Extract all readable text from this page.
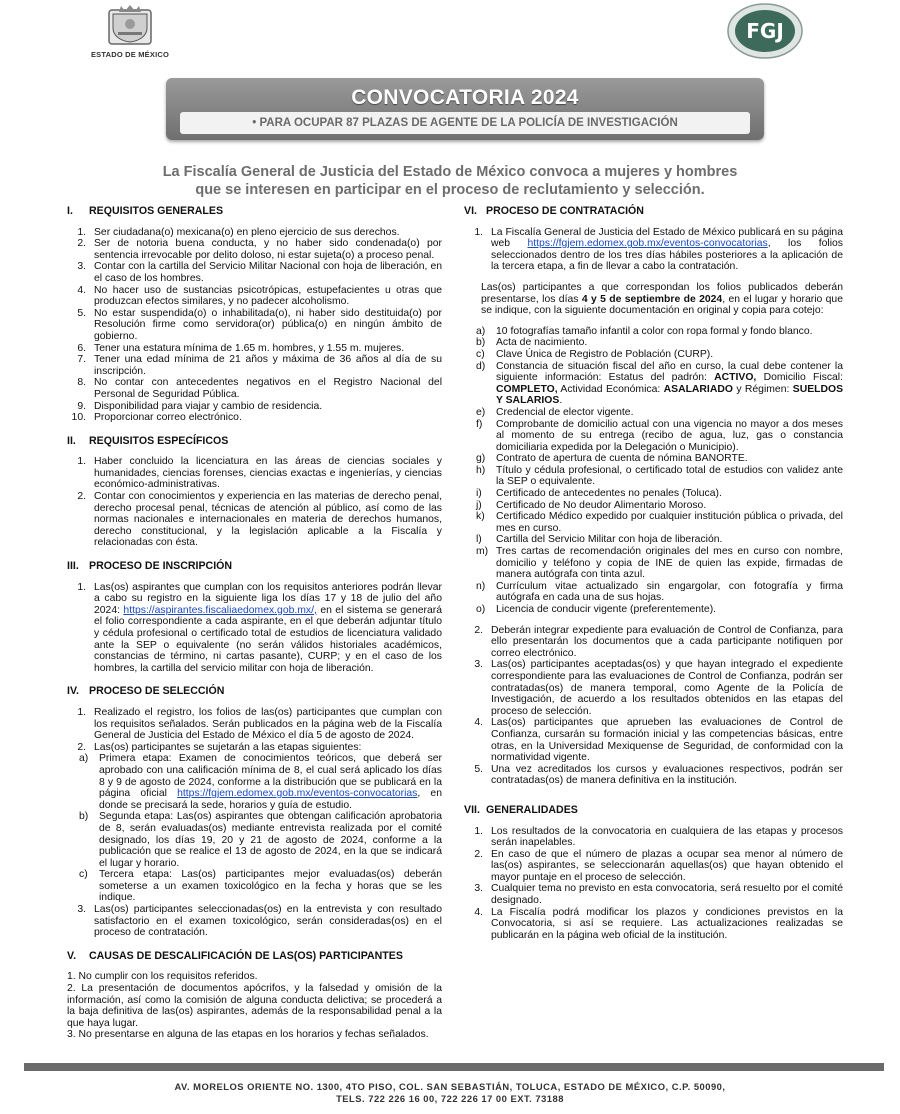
ESTADO DE MÉXICO
FGJ
CONVOCATORIA 2024
• PARA OCUPAR 87 PLAZAS DE AGENTE DE LA POLICÍA DE INVESTIGACIÓN
La Fiscalía General de Justicia del Estado de México convoca a mujeres y hombres
que se interesen en participar en el proceso de reclutamiento y selección.
I.	REQUISITOS GENERALES
1. Ser ciudadana(o) mexicana(o) en pleno ejercicio de sus derechos.
2. Ser de notoria buena conducta, y no haber sido condenada(o) por sentencia irrevocable por delito doloso, ni estar sujeta(o) a proceso penal.
3. Contar con la cartilla del Servicio Militar Nacional con hoja de liberación, en el caso de los hombres.
4. No hacer uso de sustancias psicotrópicas, estupefacientes u otras que produzcan efectos similares, y no padecer alcoholismo.
5. No estar suspendida(o) o inhabilitada(o), ni haber sido destituida(o) por Resolución firme como servidora(or) pública(o) en ningún ámbito de gobierno.
6. Tener una estatura mínima de 1.65 m. hombres, y 1.55 m. mujeres.
7. Tener una edad mínima de 21 años y máxima de 36 años al día de su inscripción.
8. No contar con antecedentes negativos en el Registro Nacional del Personal de Seguridad Pública.
9. Disponibilidad para viajar y cambio de residencia.
10. Proporcionar correo electrónico.
II.	REQUISITOS ESPECÍFICOS
1. Haber concluido la licenciatura en las áreas de ciencias sociales y humanidades, ciencias forenses, ciencias exactas e ingenierías, y ciencias económico-administrativas.
2. Contar con conocimientos y experiencia en las materias de derecho penal, derecho procesal penal, técnicas de atención al público, así como de las normas nacionales e internacionales en materia de derechos humanos, derecho constitucional, y la legislación aplicable a la Fiscalía y relacionadas con ésta.
III. PROCESO DE INSCRIPCIÓN
1. Las(os) aspirantes que cumplan con los requisitos anteriores podrán llevar a cabo su registro en la siguiente liga los días 17 y 18 de julio del año 2024: https://aspirantes.fiscaliaedomex.gob.mx/, en el sistema se generará el folio correspondiente a cada aspirante, en el que deberán adjuntar título y cédula profesional o certificado total de estudios de licenciatura validado ante la SEP o equivalente (no serán válidos historiales académicos, constancias de término, ni cartas pasante), CURP; y en el caso de los hombres, la cartilla del servicio militar con hoja de liberación.
IV. PROCESO DE SELECCIÓN
1. Realizado el registro, los folios de las(os) participantes que cumplan con los requisitos señalados. Serán publicados en la página web de la Fiscalía General de Justicia del Estado de México el día 5 de agosto de 2024.
2. Las(os) participantes se sujetarán a las etapas siguientes:
a)	Primera etapa: Examen de conocimientos teóricos, que deberá ser aprobado con una calificación mínima de 8, el cual será aplicado los días 8 y 9 de agosto de 2024, conforme a la distribución que se publicará en la página oficial https://fgjem.edomex.gob.mx/eventos-convocatorias, en donde se precisará la sede, horarios y guía de estudio.
b)	Segunda etapa: Las(os) aspirantes que obtengan calificación aprobatoria de 8, serán evaluadas(os) mediante entrevista realizada por el comité designado, los días 19, 20 y 21 de agosto de 2024, conforme a la publicación que se realice el 13 de agosto de 2024, en la que se indicará el lugar y horario.
c)	Tercera etapa: Las(os) participantes mejor evaluadas(os) deberán someterse a un examen toxicológico en la fecha y horas que se les indique.
3. Las(os) participantes seleccionadas(os) en la entrevista y con resultado satisfactorio en el examen toxicológico, serán consideradas(os) en el proceso de contratación.
V.	CAUSAS DE DESCALIFICACIÓN DE LAS(OS) PARTICIPANTES
1. No cumplir con los requisitos referidos.
2. La presentación de documentos apócrifos, y la falsedad y omisión de la información, así como la comisión de alguna conducta delictiva; se procederá a la baja definitiva de las(os) aspirantes, además de la responsabilidad penal a la que haya lugar.
3. No presentarse en alguna de las etapas en los horarios y fechas señalados.
VI. PROCESO DE CONTRATACIÓN
1. La Fiscalía General de Justicia del Estado de México publicará en su página web https://fgjem.edomex.gob.mx/eventos-convocatorias, los folios seleccionados dentro de los tres días hábiles posteriores a la aplicación de la tercera etapa, a fin de llevar a cabo la contratación.

Las(os) participantes a que correspondan los folios publicados deberán presentarse, los días 4 y 5 de septiembre de 2024, en el lugar y horario que se indique, con la siguiente documentación en original y copia para cotejo:

a)	10 fotografías tamaño infantil a color con ropa formal y fondo blanco.
b)	Acta de nacimiento.
c)	Clave Única de Registro de Población (CURP).
d)	Constancia de situación fiscal del año en curso, la cual debe contener la siguiente información: Estatus del padrón: ACTIVO, Domicilio Fiscal: COMPLETO, Actividad Económica: ASALARIADO y Régimen: SUELDOS Y SALARIOS.
e)	Credencial de elector vigente.
f)	Comprobante de domicilio actual con una vigencia no mayor a dos meses al momento de su entrega (recibo de agua, luz, gas o constancia domiciliaria expedida por la Delegación o Municipio).
g)	Contrato de apertura de cuenta de nómina BANORTE.
h)	Título y cédula profesional, o certificado total de estudios con validez ante la SEP o equivalente.
i)	Certificado de antecedentes no penales (Toluca).
j)	Certificado de No deudor Alimentario Moroso.
k)	Certificado Médico expedido por cualquier institución pública o privada, del mes en curso.
l)	Cartilla del Servicio Militar con hoja de liberación.
m) Tres cartas de recomendación originales del mes en curso con nombre, domicilio y teléfono y copia de INE de quien las expide, firmadas de manera autógrafa con tinta azul.
n)	Currículum vitae actualizado sin engargolar, con fotografía y firma autógrafa en cada una de sus hojas.
o)	Licencia de conducir vigente (preferentemente).
2. Deberán integrar expediente para evaluación de Control de Confianza, para ello presentarán los documentos que a cada participante notifiquen por correo electrónico.
3. Las(os) participantes aceptadas(os) y que hayan integrado el expediente correspondiente para las evaluaciones de Control de Confianza, podrán ser contratadas(os) de manera temporal, como Agente de la Policía de Investigación, de acuerdo a los resultados obtenidos en las etapas del proceso de selección.
4. Las(os) participantes que aprueben las evaluaciones de Control de Confianza, cursarán su formación inicial y las competencias básicas, entre otras, en la Universidad Mexiquense de Seguridad, de conformidad con la normatividad vigente.
5. Una vez acreditados los cursos y evaluaciones respectivos, podrán ser contratadas(os) de manera definitiva en la institución.
VII. GENERALIDADES
1. Los resultados de la convocatoria en cualquiera de las etapas y procesos serán inapelables.
2. En caso de que el número de plazas a ocupar sea menor al número de las(os) aspirantes, se seleccionarán aquellas(os) que hayan obtenido el mayor puntaje en el proceso de selección.
3. Cualquier tema no previsto en esta convocatoria, será resuelto por el comité designado.
4. La Fiscalía podrá modificar los plazos y condiciones previstos en la Convocatoria, si así se requiere. Las actualizaciones realizadas se publicarán en la página web oficial de la institución.
AV. MORELOS ORIENTE NO. 1300, 4TO PISO, COL. SAN SEBASTIÁN, TOLUCA, ESTADO DE MÉXICO, C.P. 50090,
TELS. 722 226 16 00, 722 226 17 00 EXT. 73188
